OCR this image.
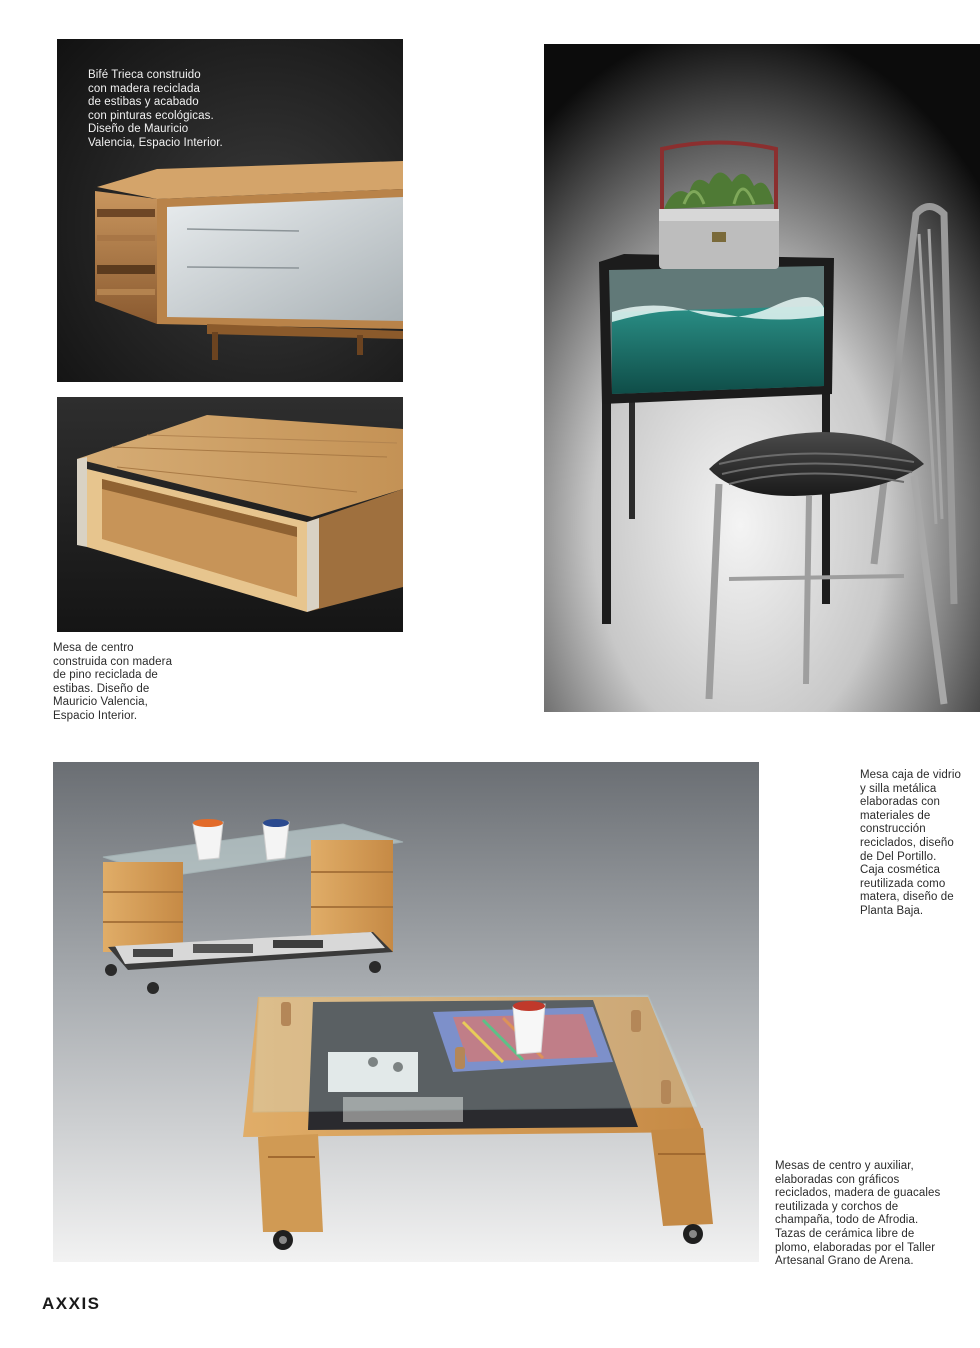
Bifé Trieca construido
con madera reciclada
de estibas y acabado
con pinturas ecológicas.
Diseño de Mauricio
Valencia, Espacio Interior.
Mesa de centro
construida con madera
de pino reciclada de
estibas. Diseño de
Mauricio Valencia,
Espacio Interior.
Mesa caja de vidrio
y silla metálica
elaboradas con
materiales de
construcción
reciclados, diseño
de Del Portillo.
Caja cosmética
reutilizada como
matera, diseño de
Planta Baja.
Mesas de centro y auxiliar,
elaboradas con gráficos
reciclados, madera de guacales
reutilizada y corchos de
champaña, todo de Afrodia.
Tazas de cerámica libre de
plomo, elaboradas por el Taller
Artesanal Grano de Arena.
AXXIS
